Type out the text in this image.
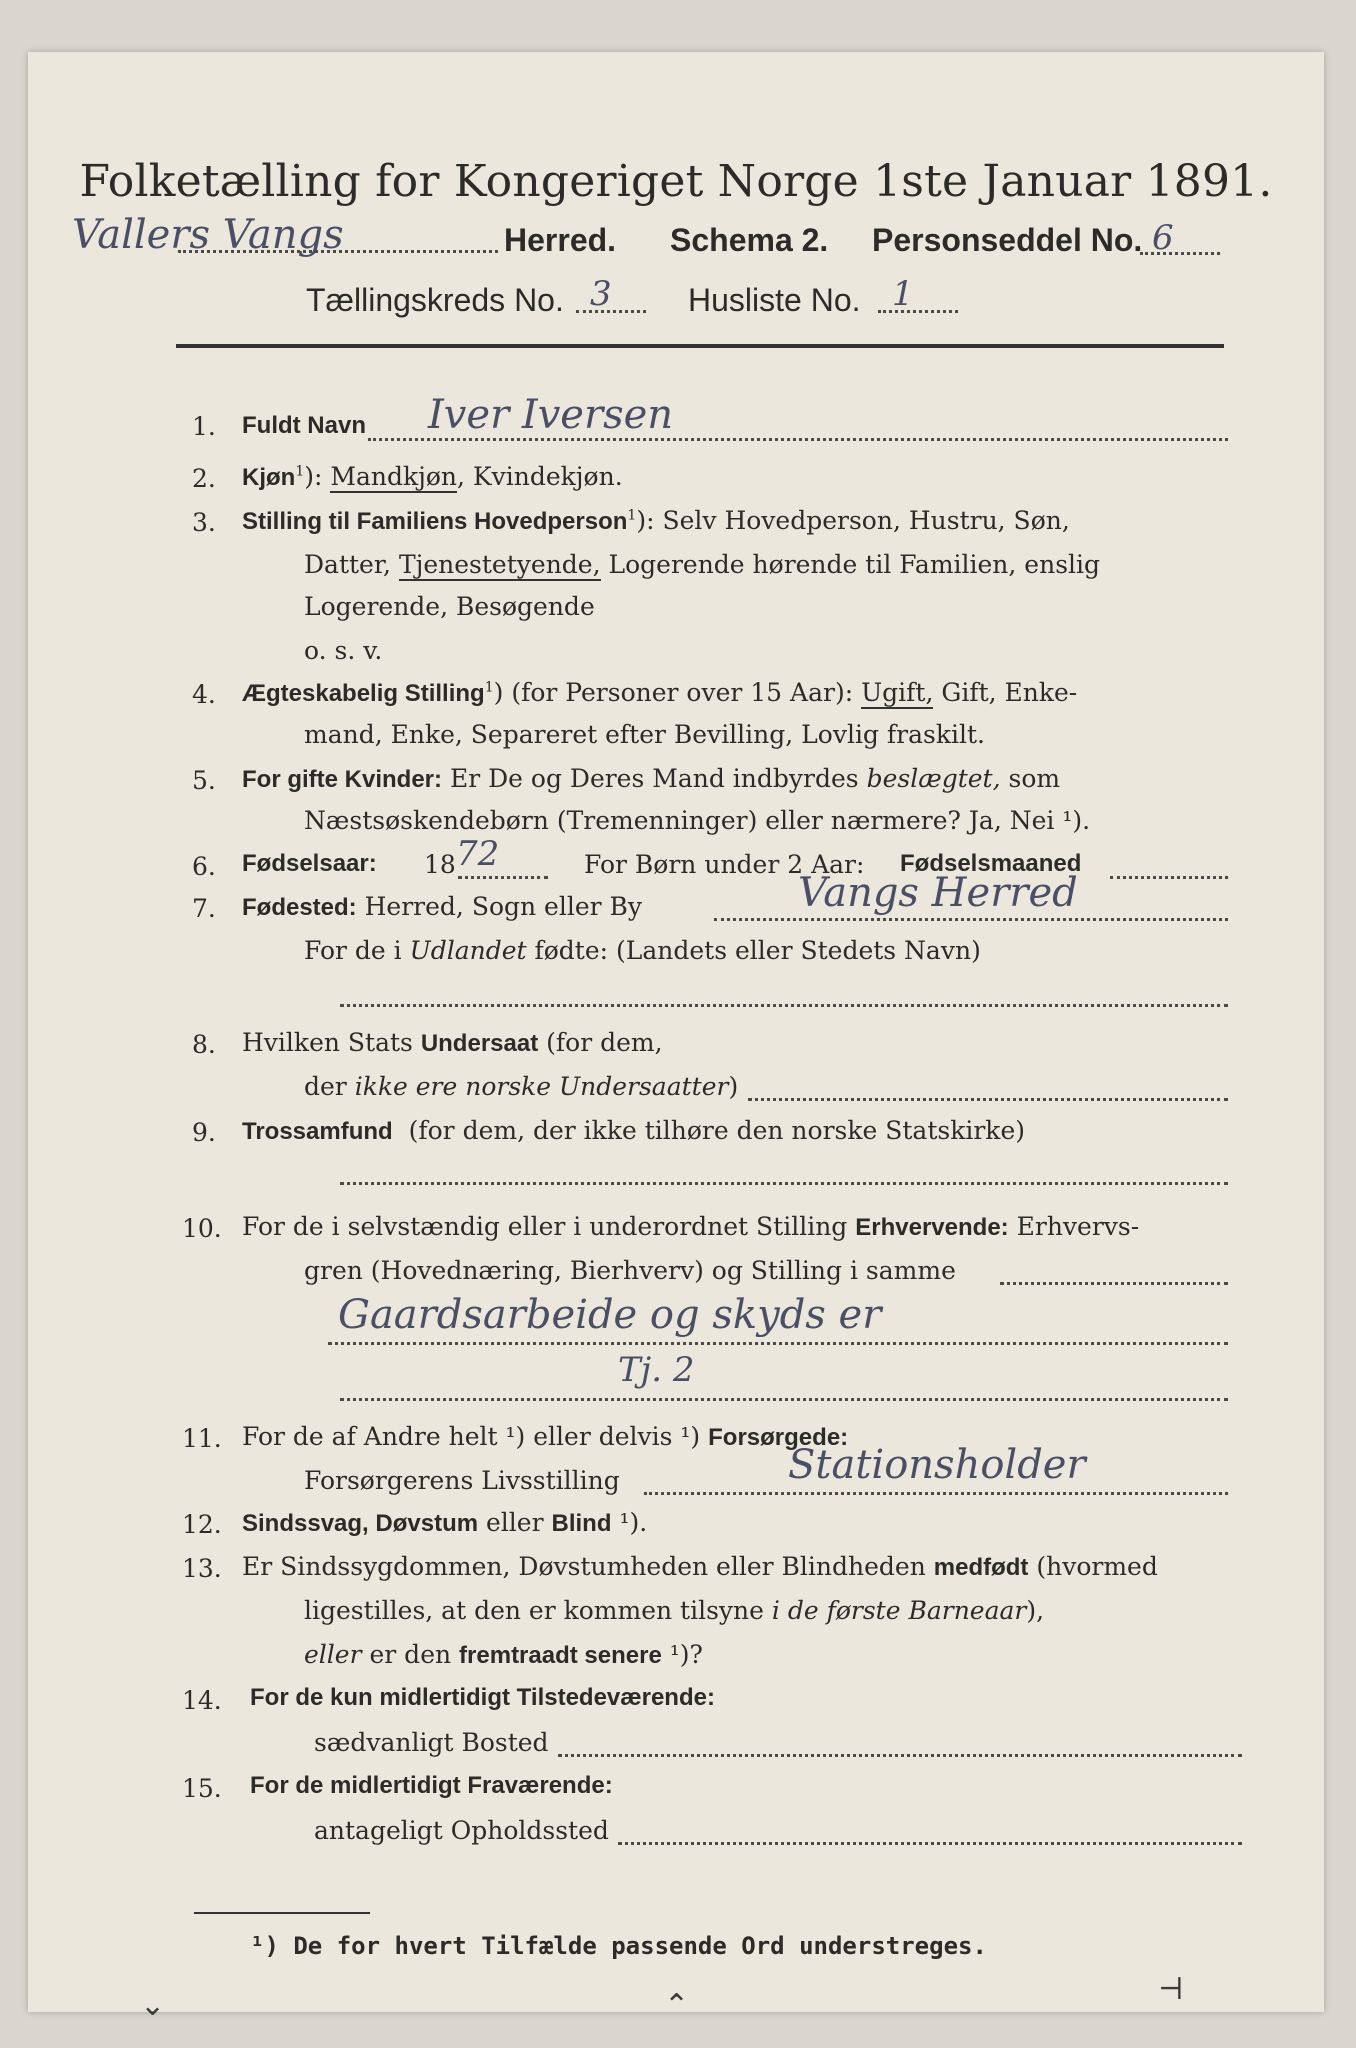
Folketælling for Kongeriget Norge 1ste Januar 1891.
Vallers Vangs	Herred. Schema 2. Personseddel No. 6
Tællingskreds No. 3 Husliste No. 1
1. Fuldt Navn Iver Iversen
2. Kjøn$^1$): Mandkjøn, Kvindekjøn.
3. Stilling til Familiens Hovedperson$^1$): Selv Hovedperson, Hustru, Søn,
Datter, Tjenestetyende, Logerende hørende til Familien, enslig
Logerende, Besøgende
o. s. v.
4. Ægteskabelig Stilling$^1$) (for Personer over 15 Aar): Ugift, Gift, Enke-
mand, Enke, Separeret efter Bevilling, Lovlig fraskilt.
5. For gifte Kvinder: Er De og Deres Mand indbyrdes beslægtet, som
Næstsøskendebørn (Tremenninger) eller nærmere? Ja, Nei ¹).
6. Fødselsaar: 18 72	For Børn under 2 Aar: Fødselsmaaned
7. Fødested: Herred, Sogn eller By	Vangs Herred
For de i Udlandet fødte: (Landets eller Stedets Navn)
8. Hvilken Stats Undersaat (for dem,
der ikke ere norske Undersaatter)
9. Trossamfund (for dem, der ikke tilhøre den norske Statskirke)
10. For de i selvstændig eller i underordnet Stilling Erhvervende: Erhvervs-
gren (Hovednæring, Bierhverv) og Stilling i samme
Gaardsarbeide og skyds er
Tj. 2
11. For de af Andre helt ¹) eller delvis ¹) Forsørgede:
Forsørgerens Livsstilling	Stationsholder
12. Sindssvag, Døvstum eller Blind ¹).
13. Er Sindssygdommen, Døvstumheden eller Blindheden medfødt (hvormed
ligestilles, at den er kommen tilsyne i de første Barneaar),
eller er den fremtraadt senere ¹)?
14. For de kun midlertidigt Tilstedeværende:
sædvanligt Bosted
15. For de midlertidigt Fraværende:
antageligt Opholdssted
¹) De for hvert Tilfælde passende Ord understreges.
⌄	⌃	⊣
